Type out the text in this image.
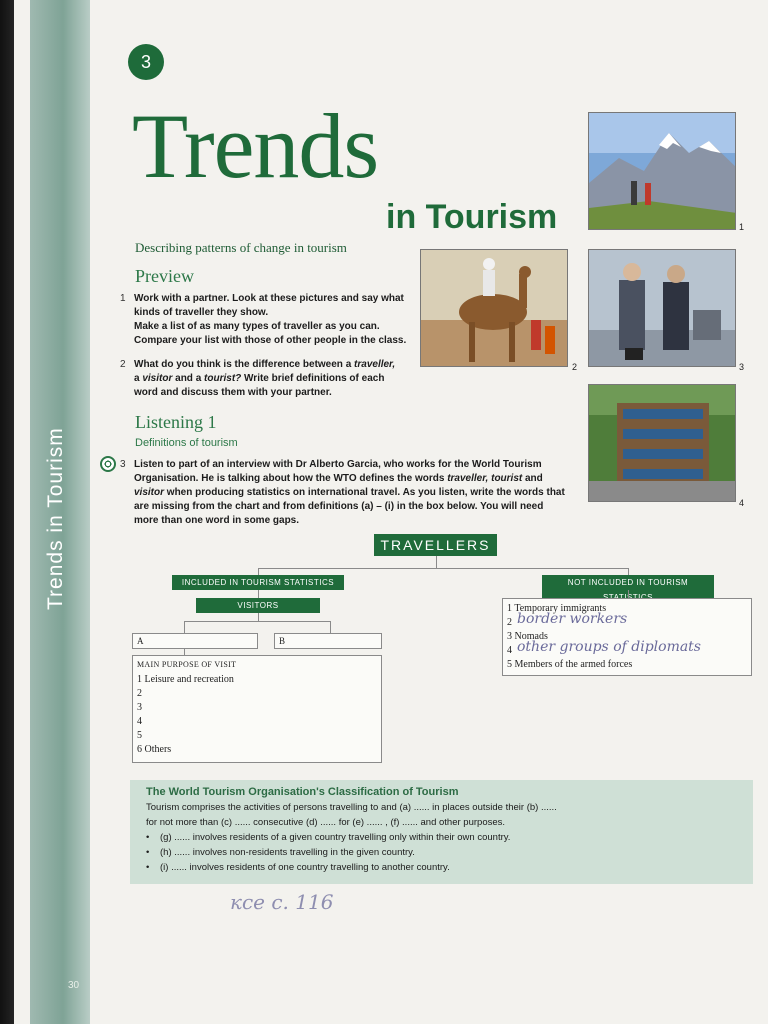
Trends in Tourism
30
3
Trends
in Tourism
Describing patterns of change in tourism
Preview
1 Work with a partner. Look at these pictures and say what
kinds of traveller they show.
Make a list of as many types of traveller as you can.
Compare your list with those of other people in the class.
2 What do you think is the difference between a traveller,
a visitor and a tourist? Write brief definitions of each
word and discuss them with your partner.
Listening 1
Definitions of tourism
3 Listen to part of an interview with Dr Alberto Garcia, who works for the World Tourism
Organisation. He is talking about how the WTO defines the words traveller, tourist and
visitor when producing statistics on international travel. As you listen, write the words that
are missing from the chart and from definitions (a) – (i) in the box below. You will need
more than one word in some gaps.
1
2	3
4
TRAVELLERS
INCLUDED IN TOURISM STATISTICS	NOT INCLUDED IN TOURISM
VISITORS
A	B
MAIN PURPOSE OF VISIT
1 Leisure and recreation
2
3
4
5
6 Others
1 Temporary immigrants
2
3 Nomads
4
5 Members of the armed forces
border workers
other groups of diplomats
The World Tourism Organisation's Classification of Tourism
Tourism comprises the activities of persons travelling to and (a) ...... in places outside their (b) ......
for not more than (c) ...... consecutive (d) ...... for (e) ...... , (f) ...... and other purposes.
• (g) ...... involves residents of a given country travelling only within their own country.
• (h) ...... involves non-residents travelling in the given country.
• (i) ...... involves residents of one country travelling to another country.
ксе с. 116
